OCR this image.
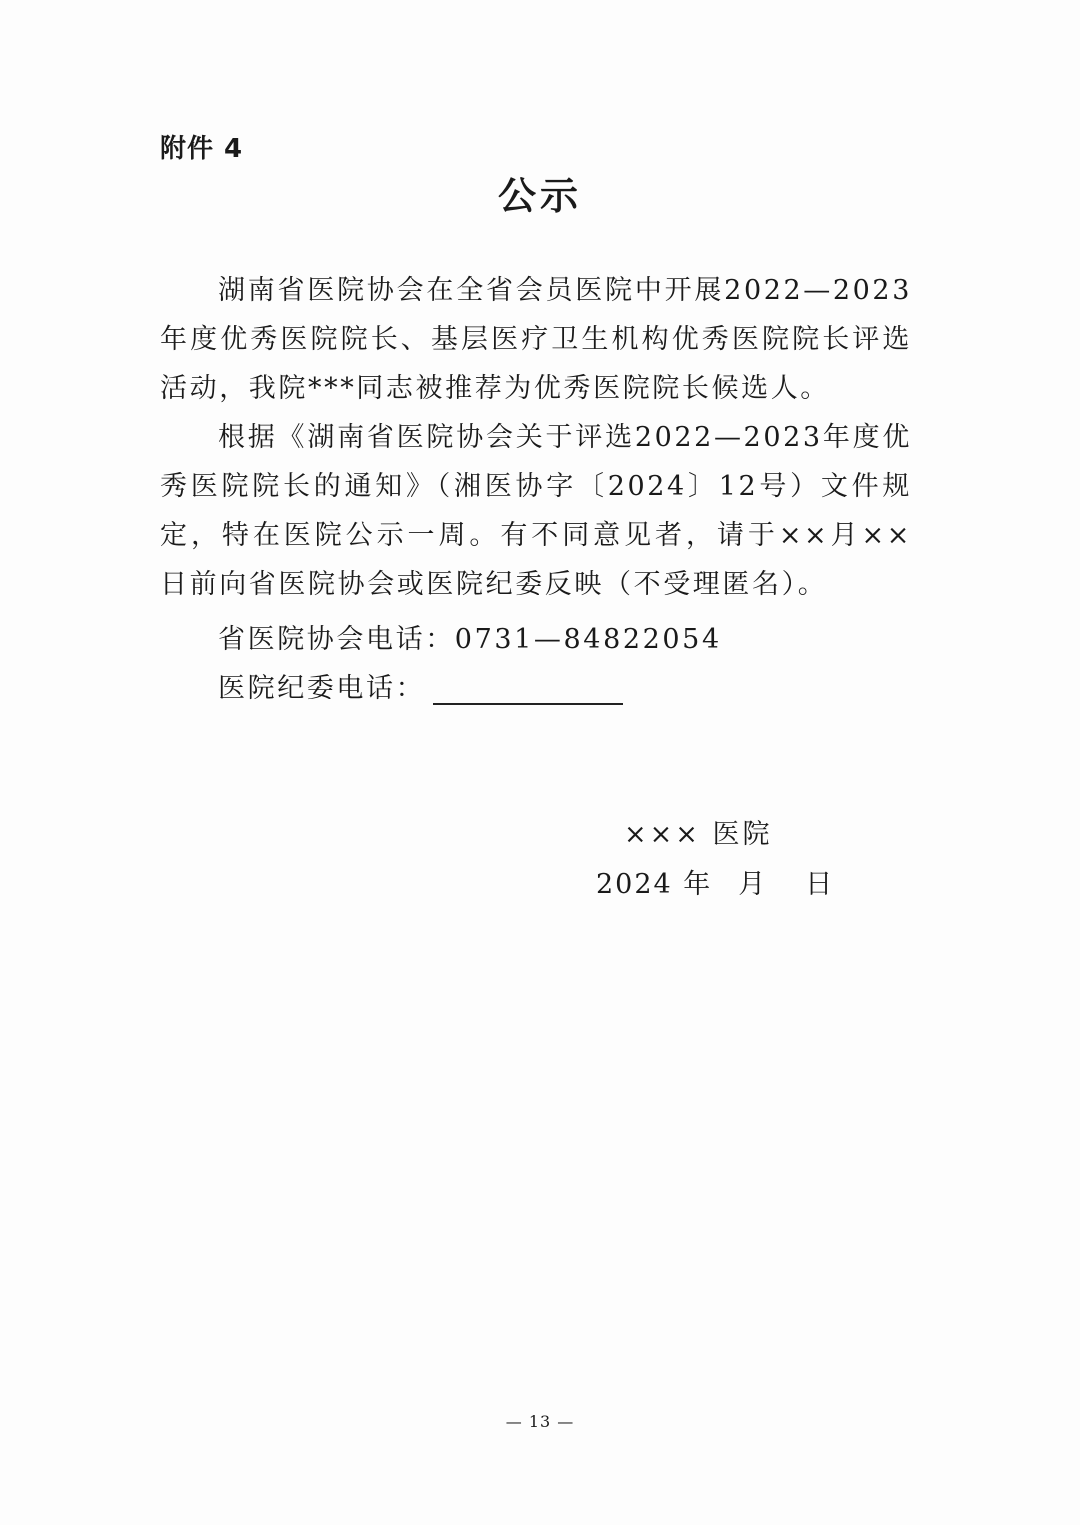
附件 4
公示

湖南省医院协会在全省会员医院中开展2022—2023年度优秀医院院长、基层医疗卫生机构优秀医院院长评选活动，我院***同志被推荐为优秀医院院长候选人。

根据《湖南省医院协会关于评选2022—2023年度优秀医院院长的通知》（湘医协字〔2024〕12号）文件规定，特在医院公示一周。有不同意见者，请于××月××日前向省医院协会或医院纪委反映（不受理匿名）。

省医院协会电话：0731—84822054
医院纪委电话：
××× 医院
2024 年 月 日
— 13 —
